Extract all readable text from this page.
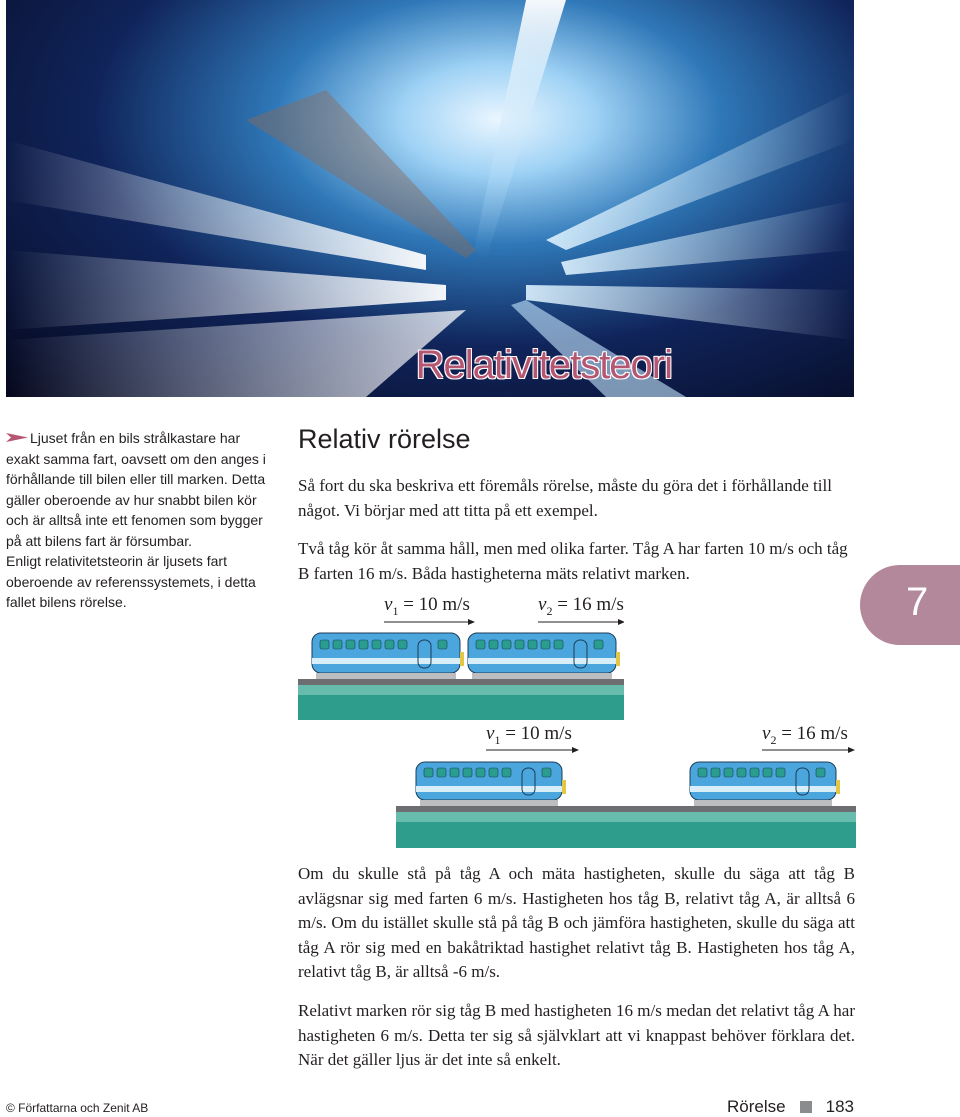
Relativitetsteori

Ljuset från en bils strålkastare har exakt samma fart, oavsett om den anges i förhållande till bilen eller till marken. Detta gäller oberoende av hur snabbt bilen kör och är alltså inte ett fenomen som bygger på att bilens fart är försumbar.

Enligt relativitetsteorin är ljusets fart oberoende av referenssystemets, i detta fallet bilens rörelse.

Relativ rörelse

Så fort du ska beskriva ett föremåls rörelse, måste du göra det i förhållande till något. Vi börjar med att titta på ett exempel.

Två tåg kör åt samma håll, men med olika farter. Tåg A har farten 10 m/s och tåg B farten 16 m/s. Båda hastigheterna mäts relativt marken.

$v_1 = 10$ m/s	$v_2 = 16$ m/s
$v_1 = 10$ m/s	$v_2 = 16$ m/s

Om du skulle stå på tåg A och mäta hastigheten, skulle du säga att tåg B avlägsnar sig med farten 6 m/s. Hastigheten hos tåg B, relativt tåg A, är alltså 6 m/s. Om du istället skulle stå på tåg B och jämföra hastigheten, skulle du säga att tåg A rör sig med en bakåtriktad hastighet relativt tåg B. Hastigheten hos tåg A, relativt tåg B, är alltså -6 m/s.

Relativt marken rör sig tåg B med hastigheten 16 m/s medan det relativt tåg A har hastigheten 6 m/s. Detta ter sig så självklart att vi knappast behöver förklara det. När det gäller ljus är det inte så enkelt.

7
© Författarna och Zenit AB	Rörelse 183
